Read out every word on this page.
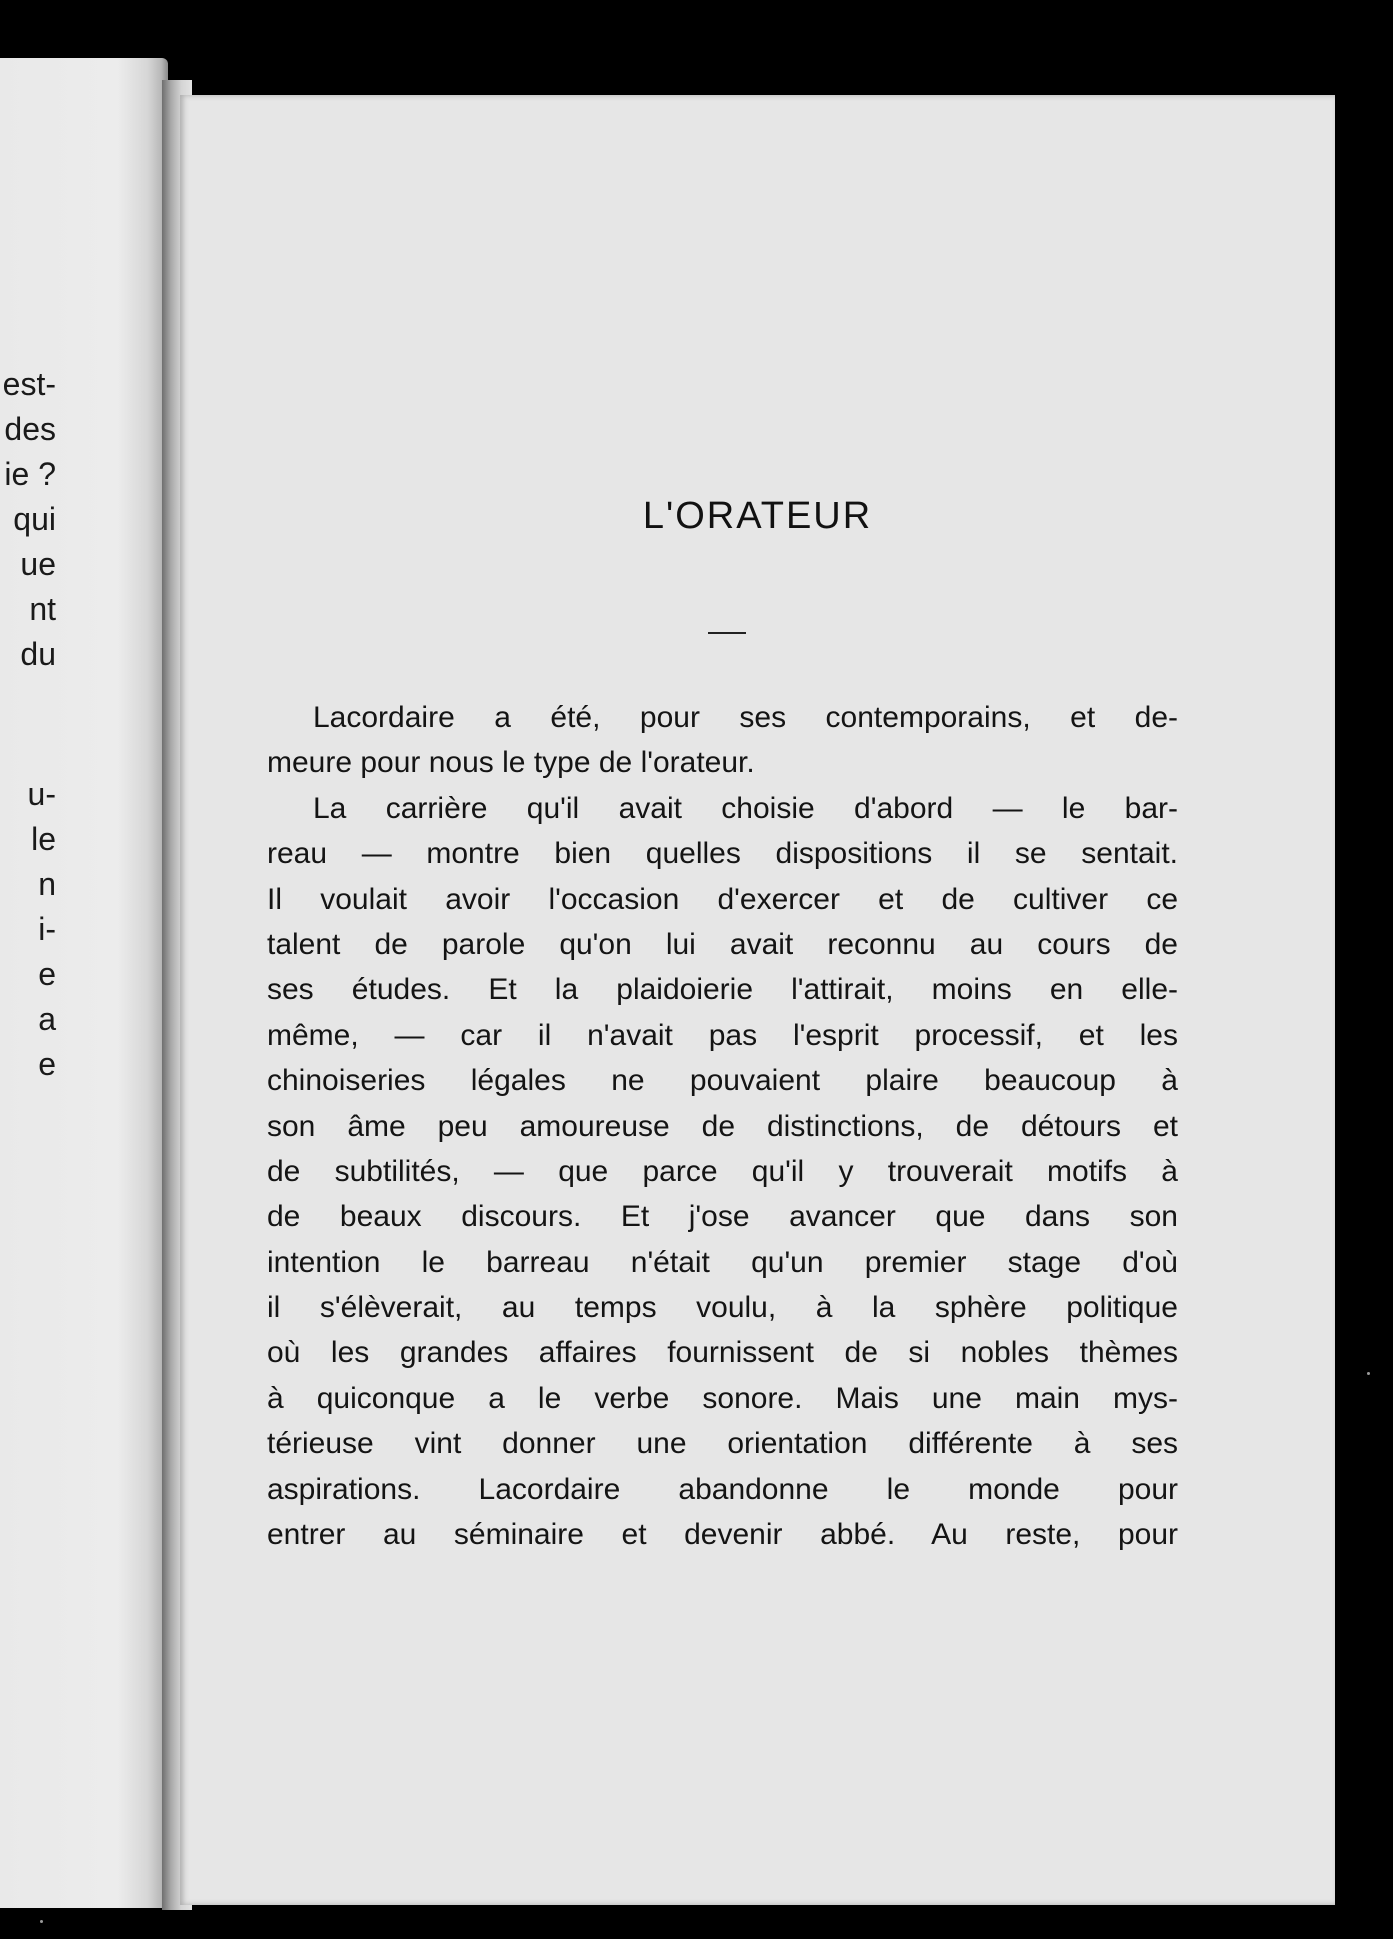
est-
des
ie ?
qui
ue
nt
du
u-
le
n
i-
e
a
e
L'ORATEUR
Lacordaire a été, pour ses contemporains, et de-
meure pour nous le type de l'orateur.
La carrière qu'il avait choisie d'abord — le bar-
reau — montre bien quelles dispositions il se sentait.
Il voulait avoir l'occasion d'exercer et de cultiver ce
talent de parole qu'on lui avait reconnu au cours de
ses études. Et la plaidoierie l'attirait, moins en elle-
même, — car il n'avait pas l'esprit processif, et les
chinoiseries légales ne pouvaient plaire beaucoup à
son âme peu amoureuse de distinctions, de détours et
de subtilités, — que parce qu'il y trouverait motifs à
de beaux discours. Et j'ose avancer que dans son
intention le barreau n'était qu'un premier stage d'où
il s'élèverait, au temps voulu, à la sphère politique
où les grandes affaires fournissent de si nobles thèmes
à quiconque a le verbe sonore. Mais une main mys-
térieuse vint donner une orientation différente à ses
aspirations. Lacordaire abandonne le monde pour
entrer au séminaire et devenir abbé. Au reste, pour
